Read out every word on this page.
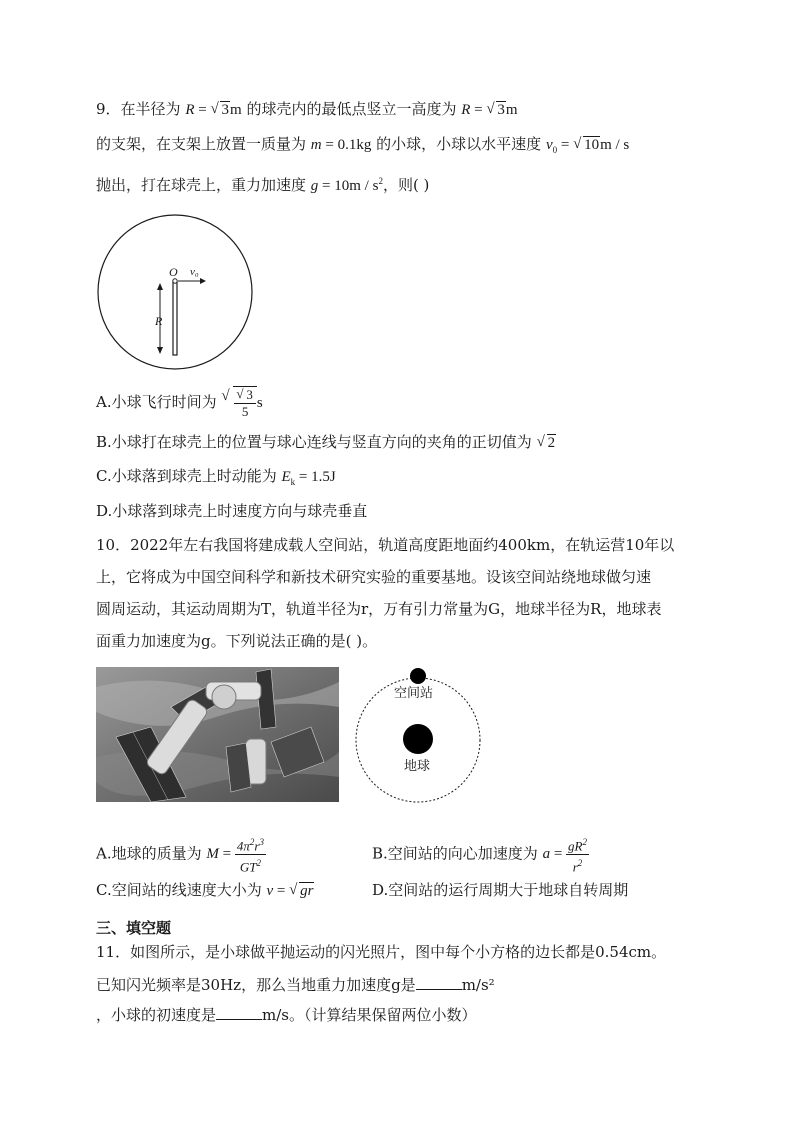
9．在半径为 R = √ 3m 的球壳内的最低点竖立一高度为 R = √ 3m
的支架，在支架上放置一质量为 m = 0.1kg 的小球，小球以水平速度 $v_0$ = √ 10m / s
抛出，打在球壳上，重力加速度 $g = 10m / s^2$，则( )
O v₀
R
A.小球飞行时间为 √ √ $\frac{3}{5}$ s
B.小球打在球壳上的位置与球心连线与竖直方向的夹角的正切值为 √ 2
C.小球落到球壳上时动能为 $E_k = 1.5J$
D.小球落到球壳上时速度方向与球壳垂直
10．2022年左右我国将建成载人空间站，轨道高度距地面约400km，在轨运营10年以
上，它将成为中国空间科学和新技术研究实验的重要基地。设该空间站绕地球做匀速
圆周运动，其运动周期为T，轨道半径为r，万有引力常量为G，地球半径为R，地球表
面重力加速度为g。下列说法正确的是( )。
空间站
地球
A.地球的质量为 $M = \frac{4\pi^2r^3}{GT^2}$	B.空间站的向心加速度为 $a = \frac{gR^2}{r^2}$
C.空间站的线速度大小为 v = √ gr	D.空间站的运行周期大于地球自转周期
三、填空题
11．如图所示，是小球做平抛运动的闪光照片，图中每个小方格的边长都是0.54cm。
已知闪光频率是30Hz，那么当地重力加速度g是	m/s²
，小球的初速度是	m/s。（计算结果保留两位小数）
